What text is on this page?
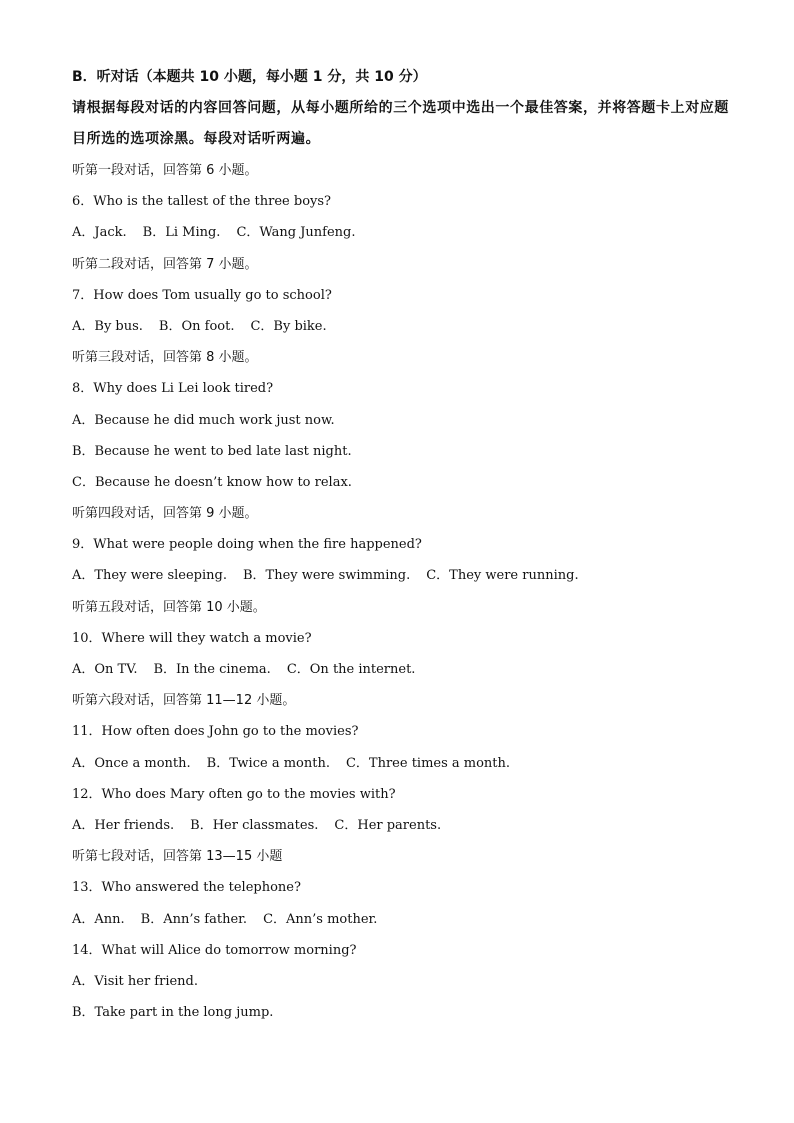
B．听对话（本题共 10 小题，每小题 1 分，共 10 分）

请根据每段对话的内容回答问题，从每小题所给的三个选项中选出一个最佳答案，并将答题卡上对应题目所选的选项涂黑。每段对话听两遍。

听第一段对话，回答第 6 小题。
6．Who is the tallest of the three boys?
A．Jack. B．Li Ming. C．Wang Junfeng.
听第二段对话，回答第 7 小题。
7．How does Tom usually go to school?
A．By bus. B．On foot. C．By bike.
听第三段对话，回答第 8 小题。
8．Why does Li Lei look tired?
A．Because he did much work just now.
B．Because he went to bed late last night.
C．Because he doesn’t know how to relax.
听第四段对话，回答第 9 小题。
9．What were people doing when the fire happened?
A．They were sleeping. B．They were swimming. C．They were running.
听第五段对话，回答第 10 小题。
10．Where will they watch a movie?
A．On TV. B．In the cinema. C．On the internet.
听第六段对话，回答第 11—12 小题。
11．How often does John go to the movies?
A．Once a month. B．Twice a month. C．Three times a month.
12．Who does Mary often go to the movies with?
A．Her friends. B．Her classmates. C．Her parents.
听第七段对话，回答第 13—15 小题
13．Who answered the telephone?
A．Ann. B．Ann’s father. C．Ann’s mother.
14．What will Alice do tomorrow morning?
A．Visit her friend.
B．Take part in the long jump.
